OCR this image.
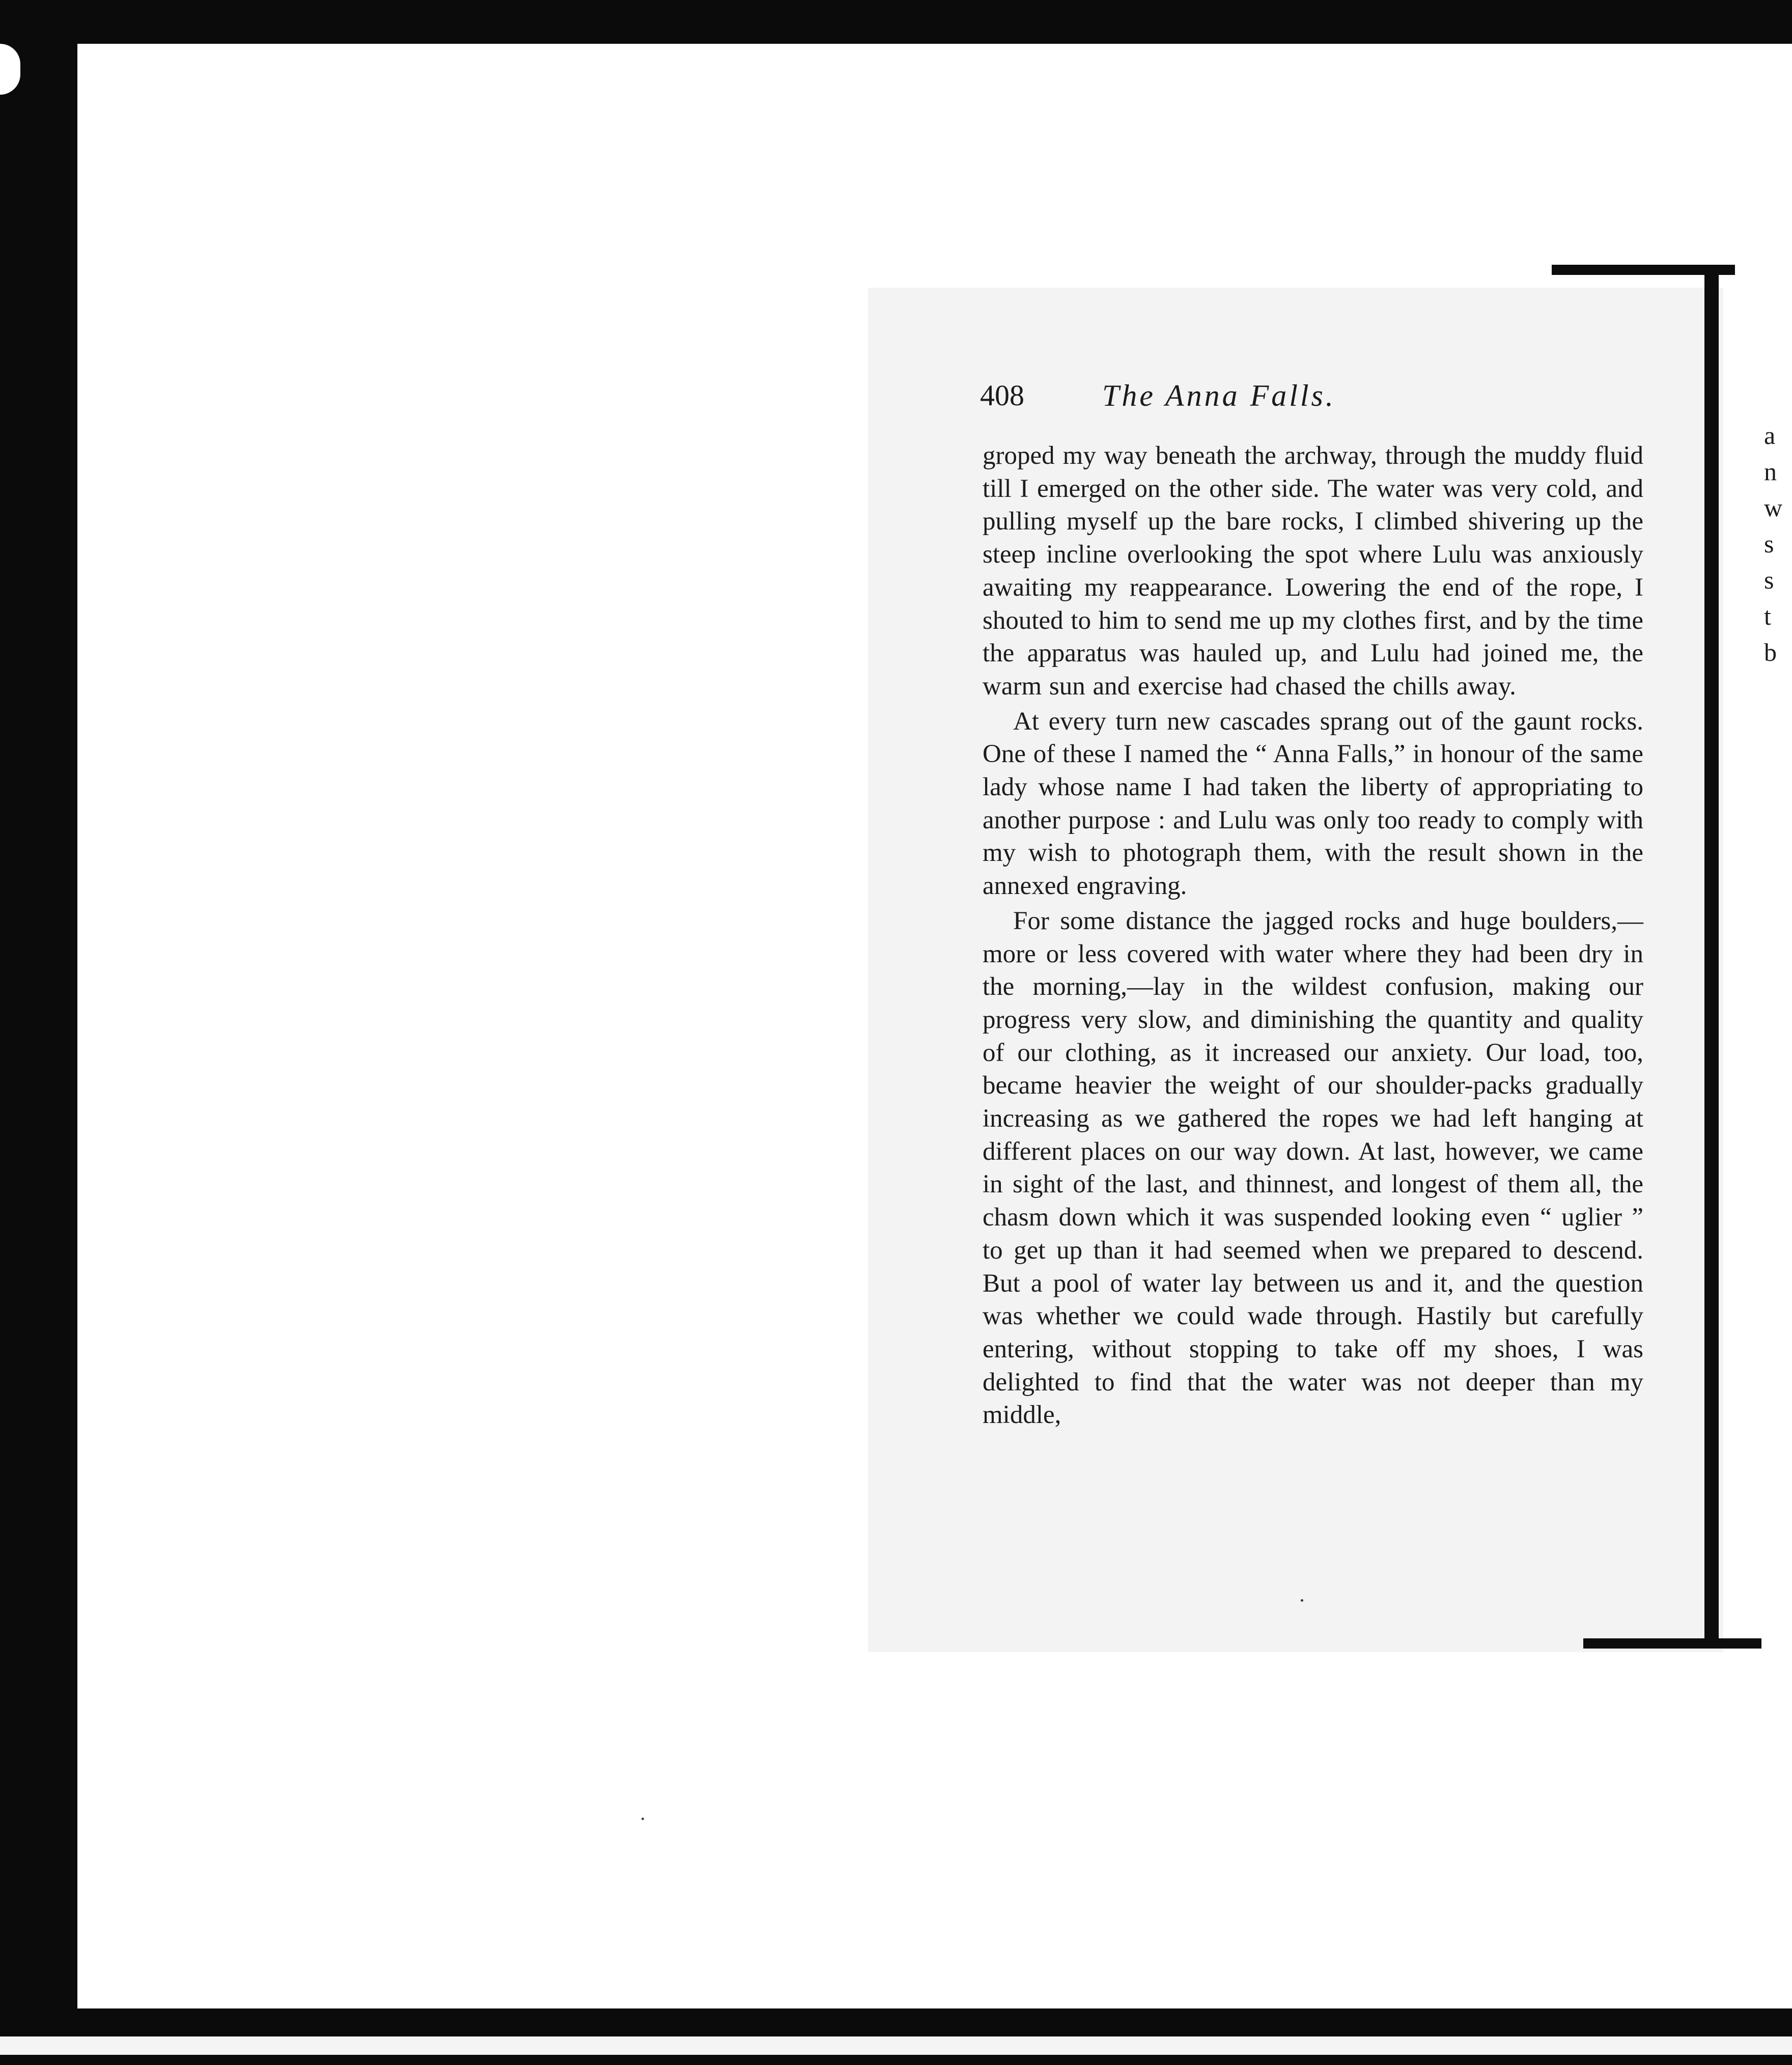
408	The Anna Falls.

groped my way beneath the archway, through the muddy fluid till I emerged on the other side. The water was very cold, and pulling myself up the bare rocks, I climbed shivering up the steep incline overlooking the spot where Lulu was anxiously awaiting my reappearance. Lowering the end of the rope, I shouted to him to send me up my clothes first, and by the time the apparatus was hauled up, and Lulu had joined me, the warm sun and exercise had chased the chills away.

At every turn new cascades sprang out of the gaunt rocks. One of these I named the “ Anna Falls,” in honour of the same lady whose name I had taken the liberty of appropriating to another purpose : and Lulu was only too ready to comply with my wish to photograph them, with the result shown in the annexed engraving.

For some distance the jagged rocks and huge boulders,—more or less covered with water where they had been dry in the morning,—lay in the wildest confusion, making our progress very slow, and diminishing the quantity and quality of our clothing, as it increased our anxiety. Our load, too, became heavier the weight of our shoulder-packs gradually increasing as we gathered the ropes we had left hanging at different places on our way down. At last, however, we came in sight of the last, and thinnest, and longest of them all, the chasm down which it was suspended looking even “ uglier ” to get up than it had seemed when we prepared to descend. But a pool of water lay between us and it, and the question was whether we could wade through. Hastily but carefully entering, without stopping to take off my shoes, I was delighted to find that the water was not deeper than my middle,

a
n
w
s
s
t
b
